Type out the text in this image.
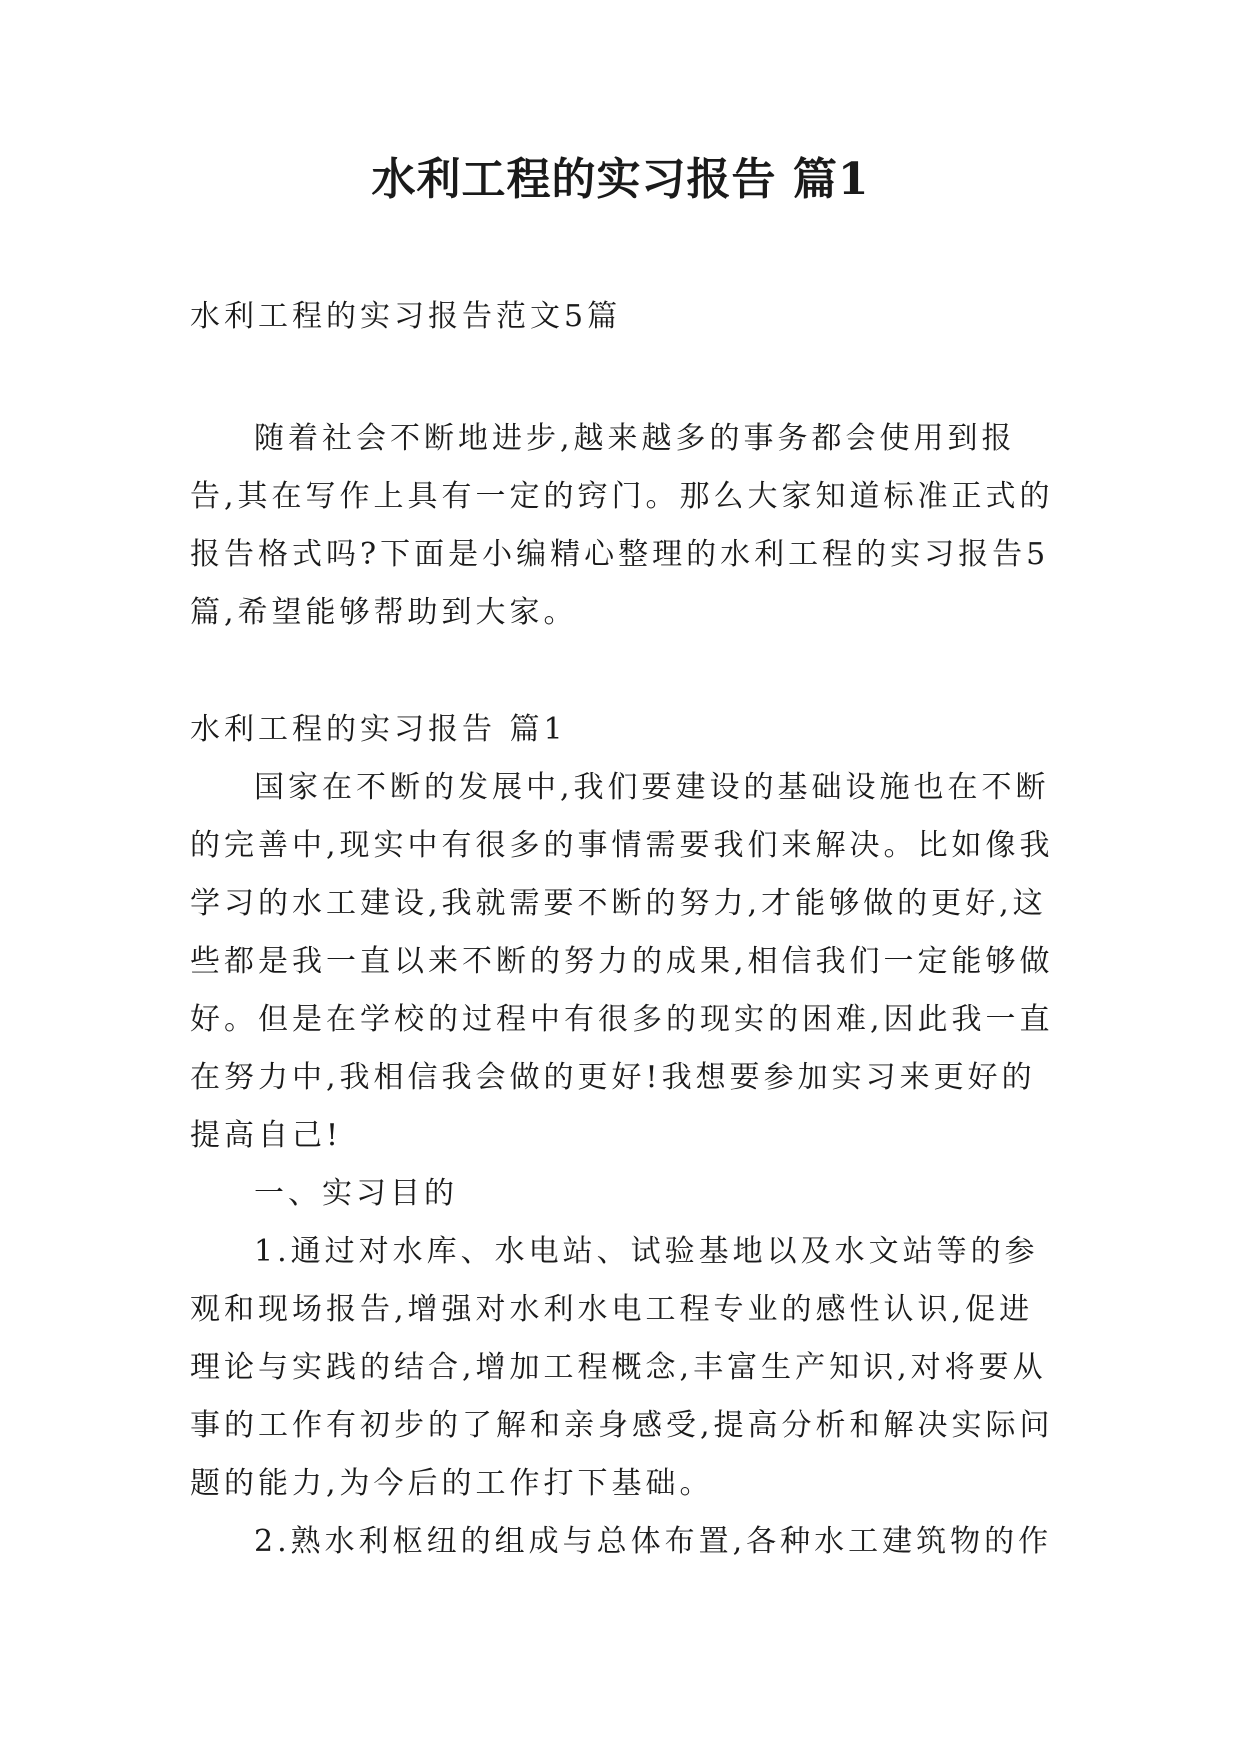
水利工程的实习报告 篇1

水利工程的实习报告范文5篇

随着社会不断地进步,越来越多的事务都会使用到报告,其在写作上具有一定的窍门。那么大家知道标准正式的报告格式吗?下面是小编精心整理的水利工程的实习报告5篇,希望能够帮助到大家。

水利工程的实习报告 篇1

国家在不断的发展中,我们要建设的基础设施也在不断的完善中,现实中有很多的事情需要我们来解决。比如像我学习的水工建设,我就需要不断的努力,才能够做的更好,这些都是我一直以来不断的努力的成果,相信我们一定能够做好。但是在学校的过程中有很多的现实的困难,因此我一直在努力中,我相信我会做的更好!我想要参加实习来更好的提高自己!

一、实习目的

1.通过对水库、水电站、试验基地以及水文站等的参观和现场报告,增强对水利水电工程专业的感性认识,促进理论与实践的结合,增加工程概念,丰富生产知识,对将要从事的工作有初步的了解和亲身感受,提高分析和解决实际问题的能力,为今后的工作打下基础。

2.熟水利枢纽的组成与总体布置,各种水工建筑物的作
